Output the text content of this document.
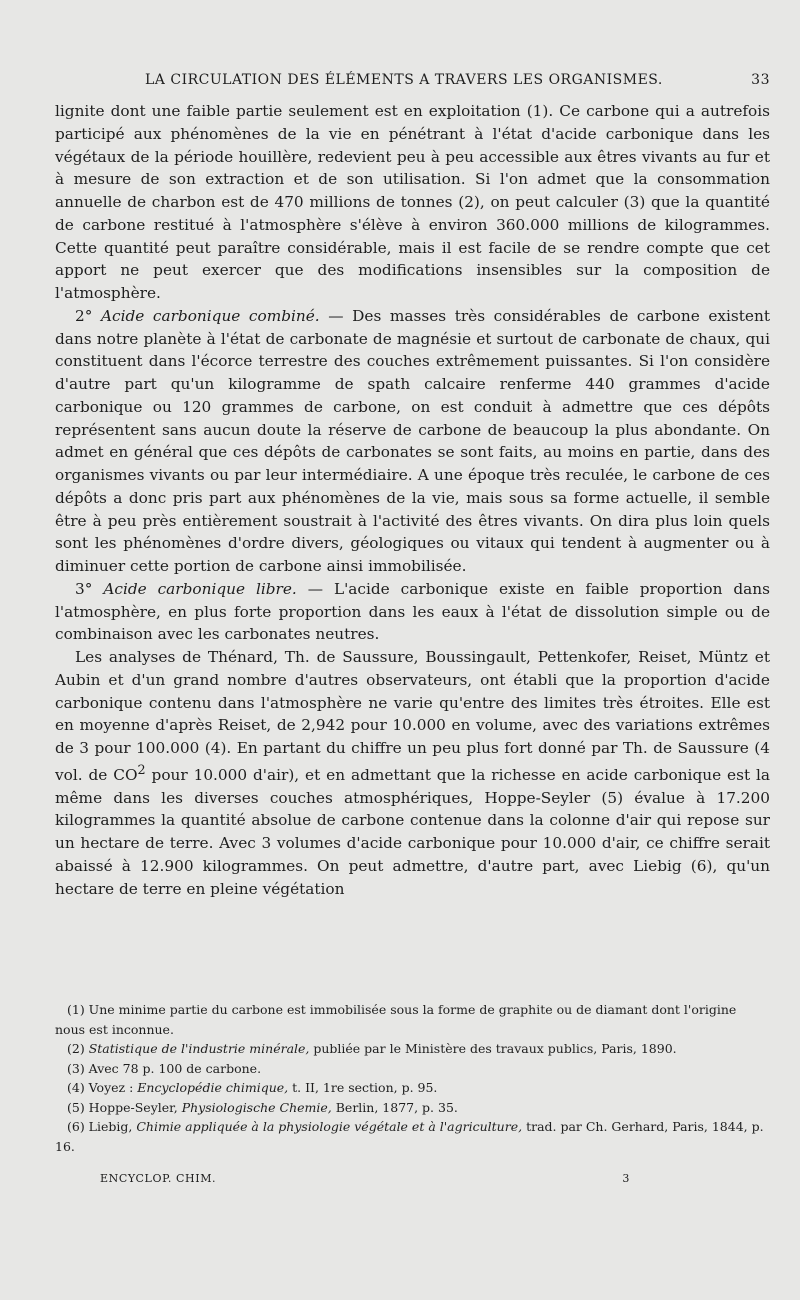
LA CIRCULATION DES ÉLÉMENTS A TRAVERS LES ORGANISMES.	33

lignite dont une faible partie seulement est en exploitation (1). Ce carbone qui a autrefois participé aux phénomènes de la vie en pénétrant à l'état d'acide carbonique dans les végétaux de la période houillère, redevient peu à peu accessible aux êtres vivants au fur et à mesure de son extraction et de son utilisation. Si l'on admet que la consommation annuelle de charbon est de 470 millions de tonnes (2), on peut calculer (3) que la quantité de carbone restitué à l'atmosphère s'élève à environ 360.000 millions de kilogrammes. Cette quantité peut paraître considérable, mais il est facile de se rendre compte que cet apport ne peut exercer que des modifications insensibles sur la composition de l'atmosphère.

2° Acide carbonique combiné. — Des masses très considérables de carbone existent dans notre planète à l'état de carbonate de magnésie et surtout de carbonate de chaux, qui constituent dans l'écorce terrestre des couches extrêmement puissantes. Si l'on considère d'autre part qu'un kilogramme de spath calcaire renferme 440 grammes d'acide carbonique ou 120 grammes de carbone, on est conduit à admettre que ces dépôts représentent sans aucun doute la réserve de carbone de beaucoup la plus abondante. On admet en général que ces dépôts de carbonates se sont faits, au moins en partie, dans des organismes vivants ou par leur intermédiaire. A une époque très reculée, le carbone de ces dépôts a donc pris part aux phénomènes de la vie, mais sous sa forme actuelle, il semble être à peu près entièrement soustrait à l'activité des êtres vivants. On dira plus loin quels sont les phénomènes d'ordre divers, géologiques ou vitaux qui tendent à augmenter ou à diminuer cette portion de carbone ainsi immobilisée.

3° Acide carbonique libre. — L'acide carbonique existe en faible proportion dans l'atmosphère, en plus forte proportion dans les eaux à l'état de dissolution simple ou de combinaison avec les carbonates neutres.

Les analyses de Thénard, Th. de Saussure, Boussingault, Pettenkofer, Reiset, Müntz et Aubin et d'un grand nombre d'autres observateurs, ont établi que la proportion d'acide carbonique contenu dans l'atmosphère ne varie qu'entre des limites très étroites. Elle est en moyenne d'après Reiset, de 2,942 pour 10.000 en volume, avec des variations extrêmes de 3 pour 100.000 (4). En partant du chiffre un peu plus fort donné par Th. de Saussure (4 vol. de $CO^2$ pour 10.000 d'air), et en admettant que la richesse en acide carbonique est la même dans les diverses couches atmosphériques, Hoppe-Seyler (5) évalue à 17.200 kilogrammes la quantité absolue de carbone contenue dans la colonne d'air qui repose sur un hectare de terre. Avec 3 volumes d'acide carbonique pour 10.000 d'air, ce chiffre serait abaissé à 12.900 kilogrammes. On peut admettre, d'autre part, avec Liebig (6), qu'un hectare de terre en pleine végétation

(1) Une minime partie du carbone est immobilisée sous la forme de graphite ou de diamant dont l'origine nous est inconnue.

(2) Statistique de l'industrie minérale, publiée par le Ministère des travaux publics, Paris, 1890.

(3) Avec 78 p. 100 de carbone.

(4) Voyez : Encyclopédie chimique, t. II, 1re section, p. 95.

(5) Hoppe-Seyler, Physiologische Chemie, Berlin, 1877, p. 35.

(6) Liebig, Chimie appliquée à la physiologie végétale et à l'agriculture, trad. par Ch. Gerhard, Paris, 1844, p. 16.

ENCYCLOP. CHIM.	3
